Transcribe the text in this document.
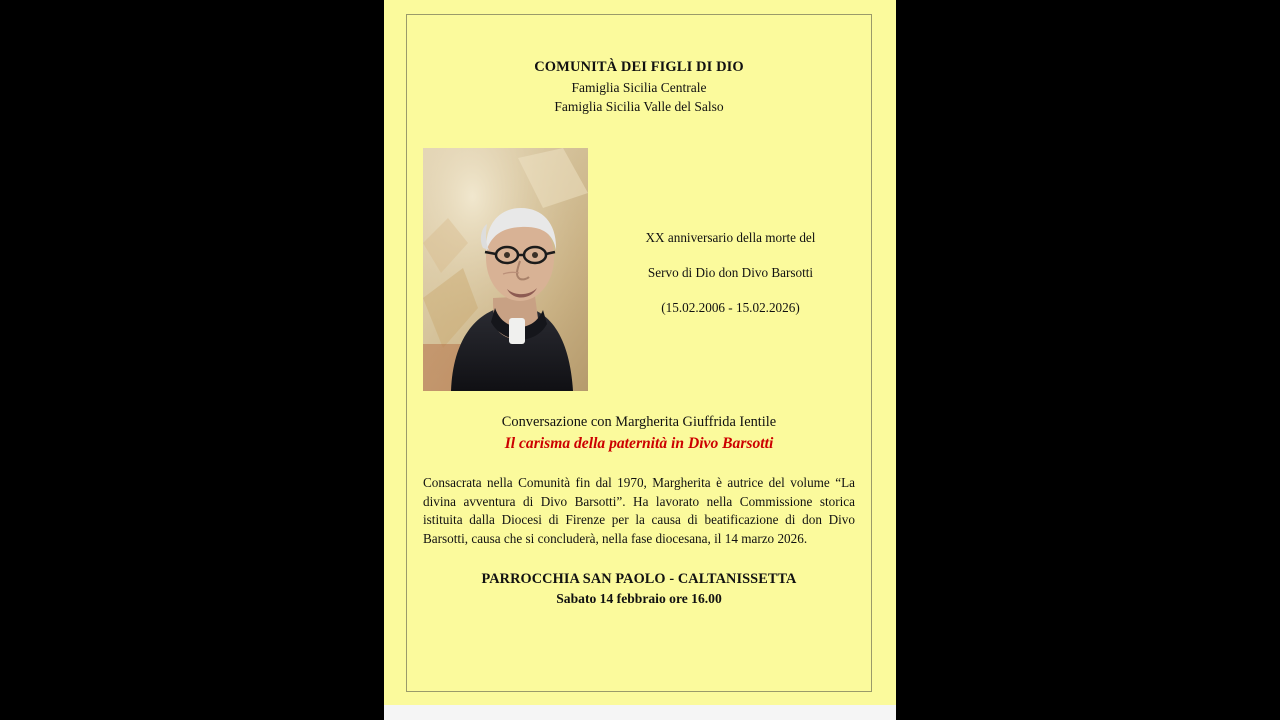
COMUNITÀ DEI FIGLI DI DIO
Famiglia Sicilia Centrale
Famiglia Sicilia Valle del Salso
XX anniversario della morte del
Servo di Dio don Divo Barsotti
(15.02.2006 - 15.02.2026)
Conversazione con Margherita Giuffrida Ientile
Il carisma della paternità in Divo Barsotti
Consacrata nella Comunità fin dal 1970, Margherita è autrice del volume “La divina avventura di Divo Barsotti”. Ha lavorato nella Commissione storica istituita dalla Diocesi di Firenze per la causa di beatificazione di don Divo Barsotti, causa che si concluderà, nella fase diocesana, il 14 marzo 2026.
PARROCCHIA SAN PAOLO - CALTANISSETTA
Sabato 14 febbraio ore 16.00
